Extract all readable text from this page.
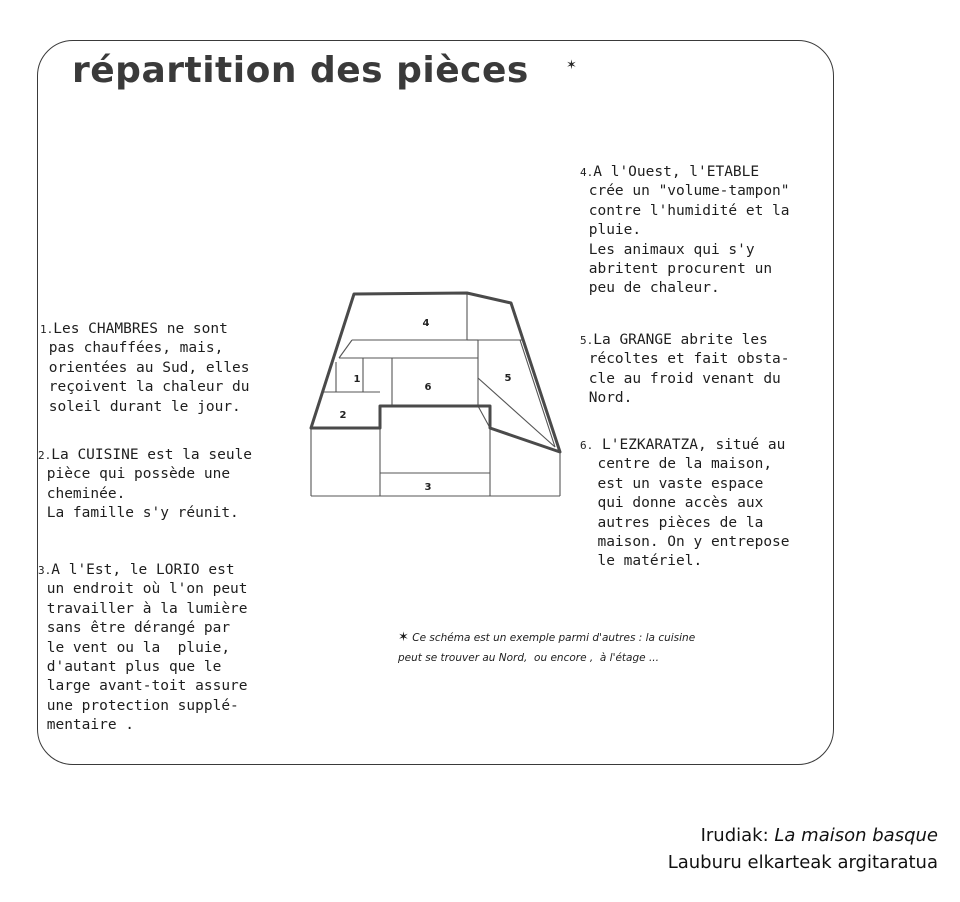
répartition des pièces	✶

1.Les CHAMBRES ne sont
pas chauffées, mais,
orientées au Sud, elles
reçoivent la chaleur du
soleil durant le jour.

2.La CUISINE est la seule
pièce qui possède une
cheminée.
La famille s'y réunit.

3.A l'Est, le LORIO est
un endroit où l'on peut
travailler à la lumière
sans être dérangé par
le vent ou la  pluie,
d'autant plus que le
large avant-toit assure
une protection supplé-
mentaire .

4.A l'Ouest, l'ETABLE
crée un "volume-tampon"
contre l'humidité et la
pluie.
Les animaux qui s'y
abritent procurent un
peu de chaleur.

5.La GRANGE abrite les
récoltes et fait obsta-
cle au froid venant du
Nord.

6. L'EZKARATZA, situé au
centre de la maison,
est un vaste espace
qui donne accès aux
autres pièces de la
maison. On y entrepose
le matériel.

1
2
3
4
5
6

✶ Ce schéma est un exemple parmi d'autres : la cuisine
peut se trouver au Nord,  ou encore ,  à l'étage ...

Irudiak: La maison basque
Lauburu elkarteak argitaratua
